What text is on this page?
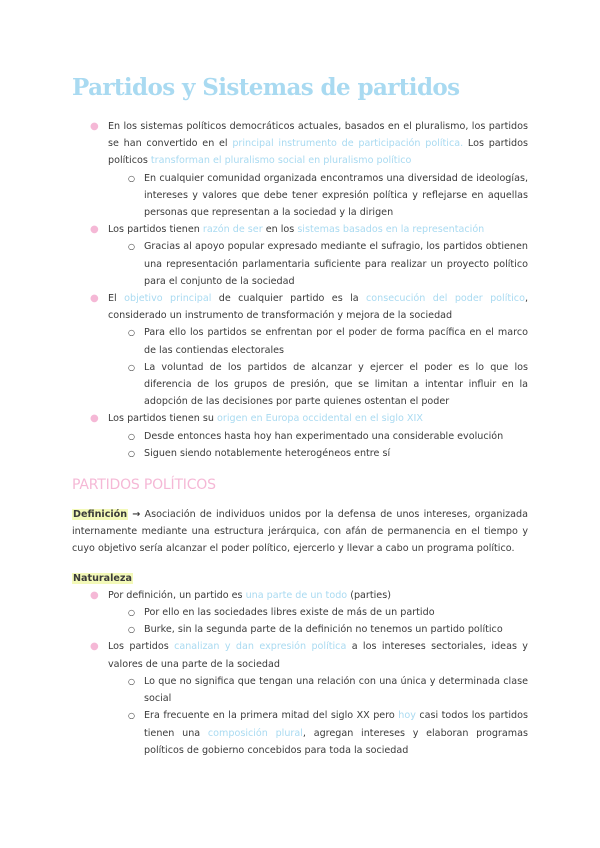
Partidos y Sistemas de partidos
● En los sistemas políticos democráticos actuales, basados en el pluralismo, los partidos se han convertido en el principal instrumento de participación política. Los partidos políticos transforman el pluralismo social en pluralismo político
○ En cualquier comunidad organizada encontramos una diversidad de ideologías, intereses y valores que debe tener expresión política y reflejarse en aquellas personas que representan a la sociedad y la dirigen
● Los partidos tienen razón de ser en los sistemas basados en la representación
○ Gracias al apoyo popular expresado mediante el sufragio, los partidos obtienen una representación parlamentaria suficiente para realizar un proyecto político para el conjunto de la sociedad
● El objetivo principal de cualquier partido es la consecución del poder político, considerado un instrumento de transformación y mejora de la sociedad
○ Para ello los partidos se enfrentan por el poder de forma pacífica en el marco de las contiendas electorales
○ La voluntad de los partidos de alcanzar y ejercer el poder es lo que los diferencia de los grupos de presión, que se limitan a intentar influir en la adopción de las decisiones por parte quienes ostentan el poder
● Los partidos tienen su origen en Europa occidental en el siglo XIX
○ Desde entonces hasta hoy han experimentado una considerable evolución
○ Siguen siendo notablemente heterogéneos entre sí
PARTIDOS POLÍTICOS
Definición → Asociación de individuos unidos por la defensa de unos intereses, organizada internamente mediante una estructura jerárquica, con afán de permanencia en el tiempo y cuyo objetivo sería alcanzar el poder político, ejercerlo y llevar a cabo un programa político.
Naturaleza
● Por definición, un partido es una parte de un todo (parties)
○ Por ello en las sociedades libres existe de más de un partido
○ Burke, sin la segunda parte de la definición no tenemos un partido político
● Los partidos canalizan y dan expresión política a los intereses sectoriales, ideas y valores de una parte de la sociedad
○ Lo que no significa que tengan una relación con una única y determinada clase social
○ Era frecuente en la primera mitad del siglo XX pero hoy casi todos los partidos tienen una composición plural, agregan intereses y elaboran programas políticos de gobierno concebidos para toda la sociedad
